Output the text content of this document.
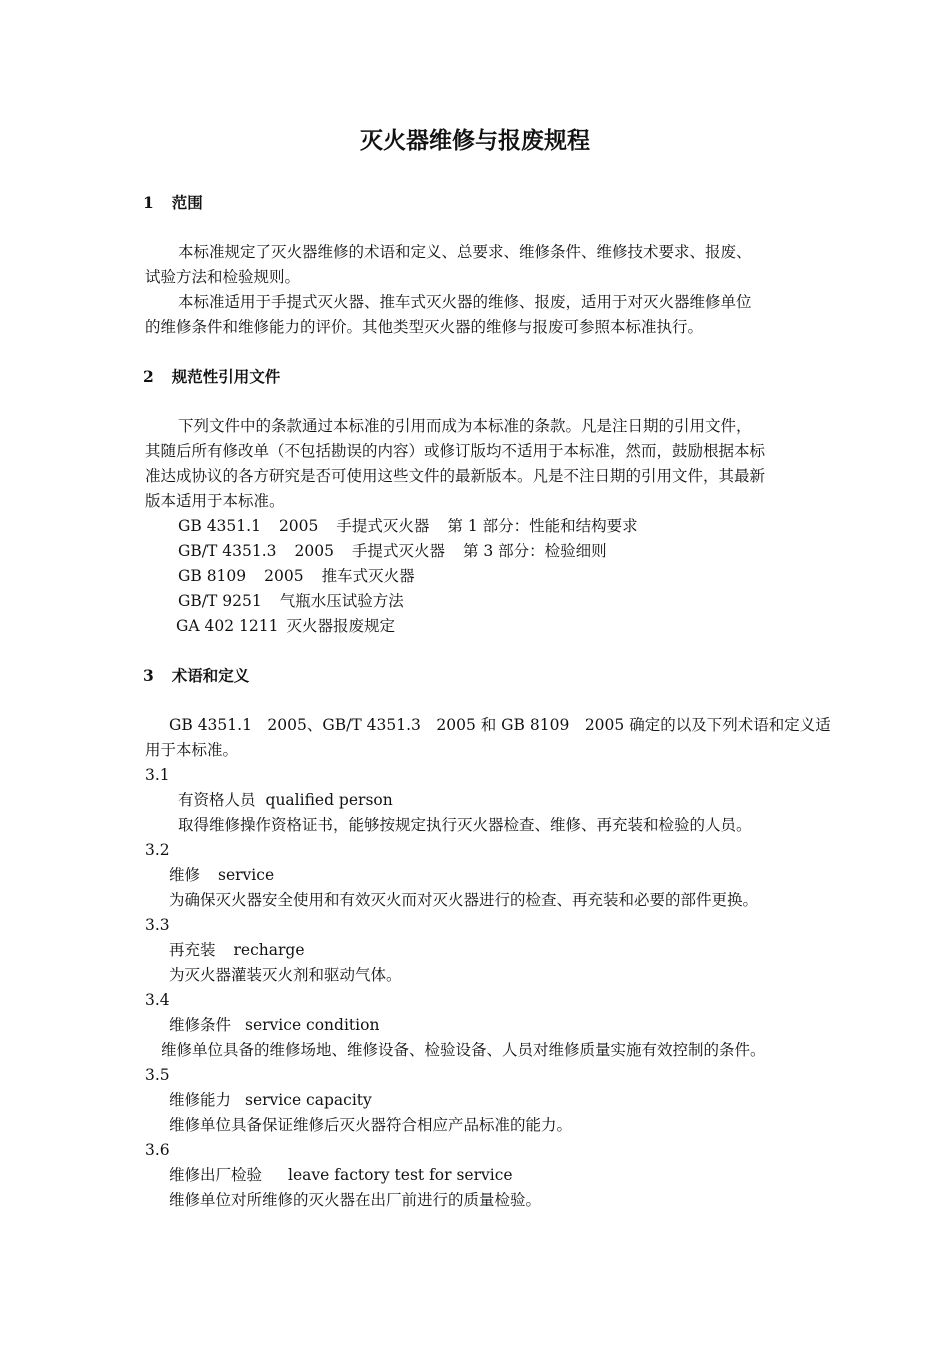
灭火器维修与报废规程
1 范围
本标准规定了灭火器维修的术语和定义、总要求、维修条件、维修技术要求、报废、
试验方法和检验规则。
本标准适用于手提式灭火器、推车式灭火器的维修、报废，适用于对灭火器维修单位
的维修条件和维修能力的评价。其他类型灭火器的维修与报废可参照本标准执行。
2 规范性引用文件
下列文件中的条款通过本标准的引用而成为本标准的条款。凡是注日期的引用文件，
其随后所有修改单（不包括勘误的内容）或修订版均不适用于本标准，然而，鼓励根据本标
准达成协议的各方研究是否可使用这些文件的最新版本。凡是不注日期的引用文件，其最新
版本适用于本标准。
GB 4351.1 2005 手提式灭火器 第 1 部分：性能和结构要求
GB/T 4351.3 2005 手提式灭火器 第 3 部分：检验细则
GB 8109 2005 推车式灭火器
GB/T 9251 气瓶水压试验方法
GA 402 1211 灭火器报废规定
3 术语和定义
GB 4351.1　2005、GB/T 4351.3　2005 和 GB 8109　2005 确定的以及下列术语和定义适
用于本标准。
3.1
有资格人员 qualified person
取得维修操作资格证书，能够按规定执行灭火器检查、维修、再充装和检验的人员。
3.2
维修 service
为确保灭火器安全使用和有效灭火而对灭火器进行的检查、再充装和必要的部件更换。
3.3
再充装 recharge
为灭火器灌装灭火剂和驱动气体。
3.4
维修条件 service condition
维修单位具备的维修场地、维修设备、检验设备、人员对维修质量实施有效控制的条件。
3.5
维修能力 service capacity
维修单位具备保证维修后灭火器符合相应产品标准的能力。
3.6
维修出厂检验 leave factory test for service
维修单位对所维修的灭火器在出厂前进行的质量检验。
